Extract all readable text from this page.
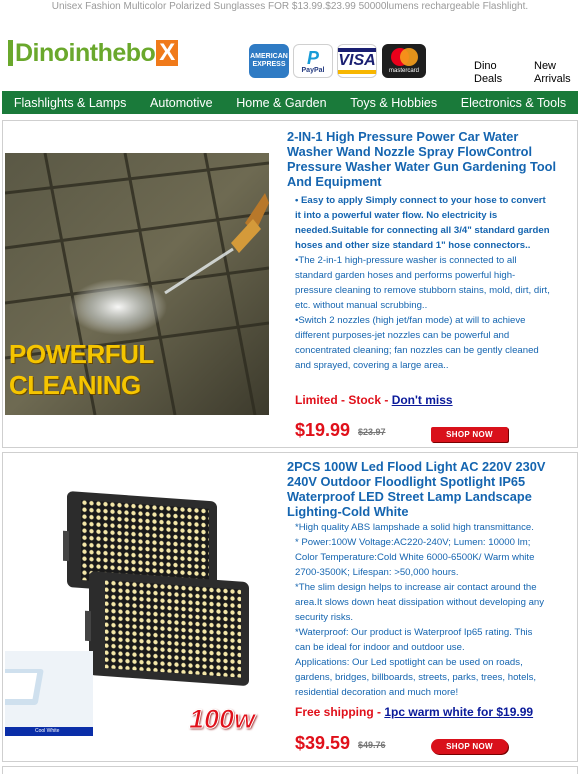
Unisex Fashion Multicolor Polarized Sunglasses FOR $13.99.$23.99 50000lumens rechargeable Flashlight.
Dinointhebo X	AMERICAN EXPRESS P
PayPal
VISA
mastercard	Dino Deals
New Arrivals
Flashlights & Lamps Automotive Home & Garden Toys & Hobbies Electronics & Tools
POWERFUL CLEANING
2-IN-1 High Pressure Power Car Water Washer Wand Nozzle Spray FlowControl Pressure Washer Water Gun Gardening Tool And Equipment

• Easy to apply Simply connect to your hose to convert it into a powerful water flow. No electricity is needed.Suitable for connecting all 3/4" standard garden hoses and other size standard 1" hose connectors..

•The 2-in-1 high-pressure washer is connected to all standard garden hoses and performs powerful high-pressure cleaning to remove stubborn stains, mold, dirt, dirt, etc. without manual scrubbing..

•Switch 2 nozzles (high jet/fan mode) at will to achieve different purposes-jet nozzles can be powerful and concentrated cleaning; fan nozzles can be gently cleaned and sprayed, covering a large area..

Limited - Stock - Don't miss
$19.99 $23.97	SHOP NOW
Cool White	100w
2PCS 100W Led Flood Light AC 220V 230V 240V Outdoor Floodlight Spotlight IP65 Waterproof LED Street Lamp Landscape Lighting-Cold White

*High quality ABS lampshade a solid high transmittance.

* Power:100W Voltage:AC220-240V; Lumen: 10000 lm; Color Temperature:Cold White 6000-6500K/ Warm white 2700-3500K; Lifespan: >50,000 hours.

*The slim design helps to increase air contact around the area.It slows down heat dissipation without developing any security risks.

*Waterproof: Our product is Waterproof Ip65 rating. This can be ideal for indoor and outdoor use.

Applications: Our Led spotlight can be used on roads, gardens, bridges, billboards, streets, parks, trees, hotels, residential decoration and much more!

Free shipping - 1pc warm white for $19.99
$39.59 $49.76	SHOP NOW
